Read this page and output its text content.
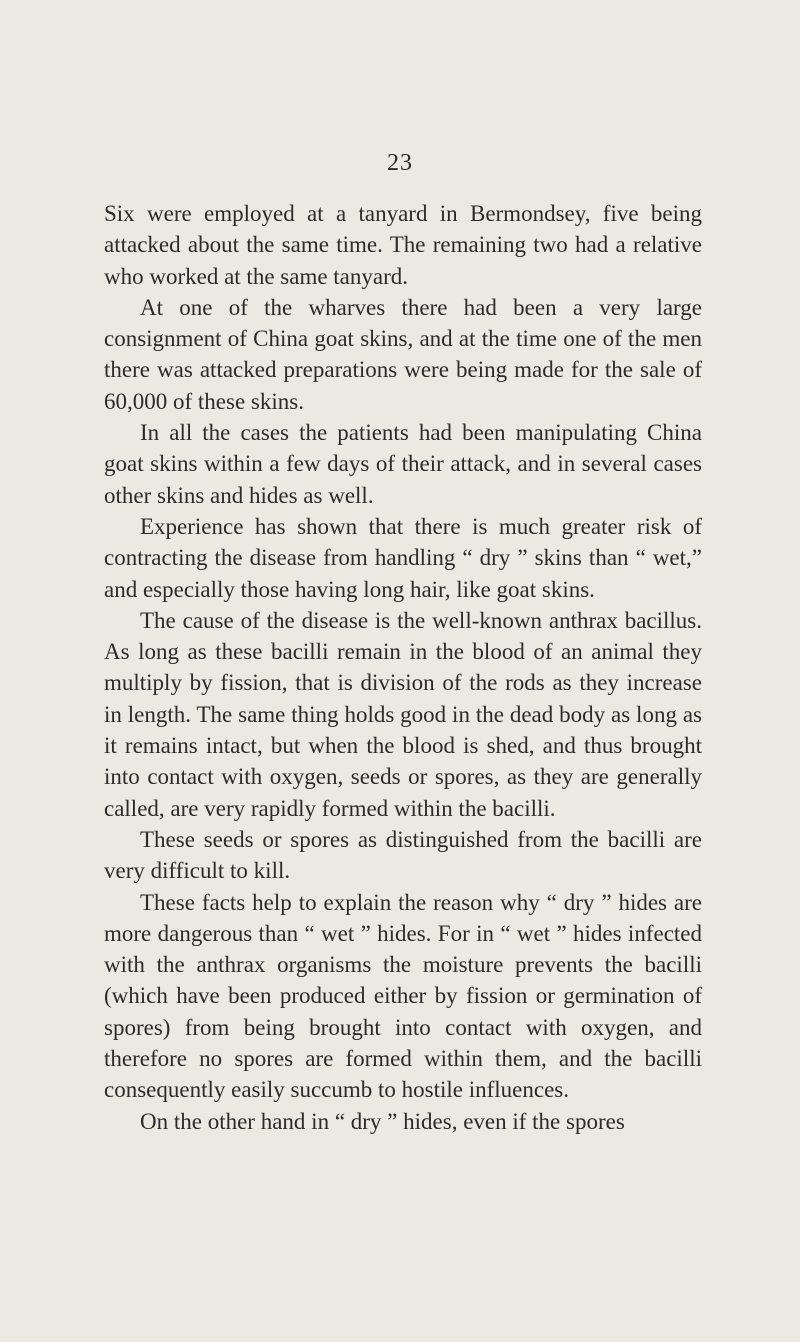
23

Six were employed at a tanyard in Bermondsey, five being attacked about the same time. The remaining two had a relative who worked at the same tanyard.

At one of the wharves there had been a very large consignment of China goat skins, and at the time one of the men there was attacked preparations were being made for the sale of 60,000 of these skins.

In all the cases the patients had been manipulating China goat skins within a few days of their attack, and in several cases other skins and hides as well.

Experience has shown that there is much greater risk of contracting the disease from handling “ dry ” skins than “ wet,” and especially those having long hair, like goat skins.

The cause of the disease is the well-known anthrax bacillus. As long as these bacilli remain in the blood of an animal they multiply by fission, that is division of the rods as they increase in length. The same thing holds good in the dead body as long as it remains intact, but when the blood is shed, and thus brought into contact with oxygen, seeds or spores, as they are generally called, are very rapidly formed within the bacilli.

These seeds or spores as distinguished from the bacilli are very difficult to kill.

These facts help to explain the reason why “ dry ” hides are more dangerous than “ wet ” hides. For in “ wet ” hides infected with the anthrax organisms the moisture prevents the bacilli (which have been produced either by fission or germination of spores) from being brought into contact with oxygen, and therefore no spores are formed within them, and the bacilli consequently easily succumb to hostile influences.

On the other hand in “ dry ” hides, even if the spores
